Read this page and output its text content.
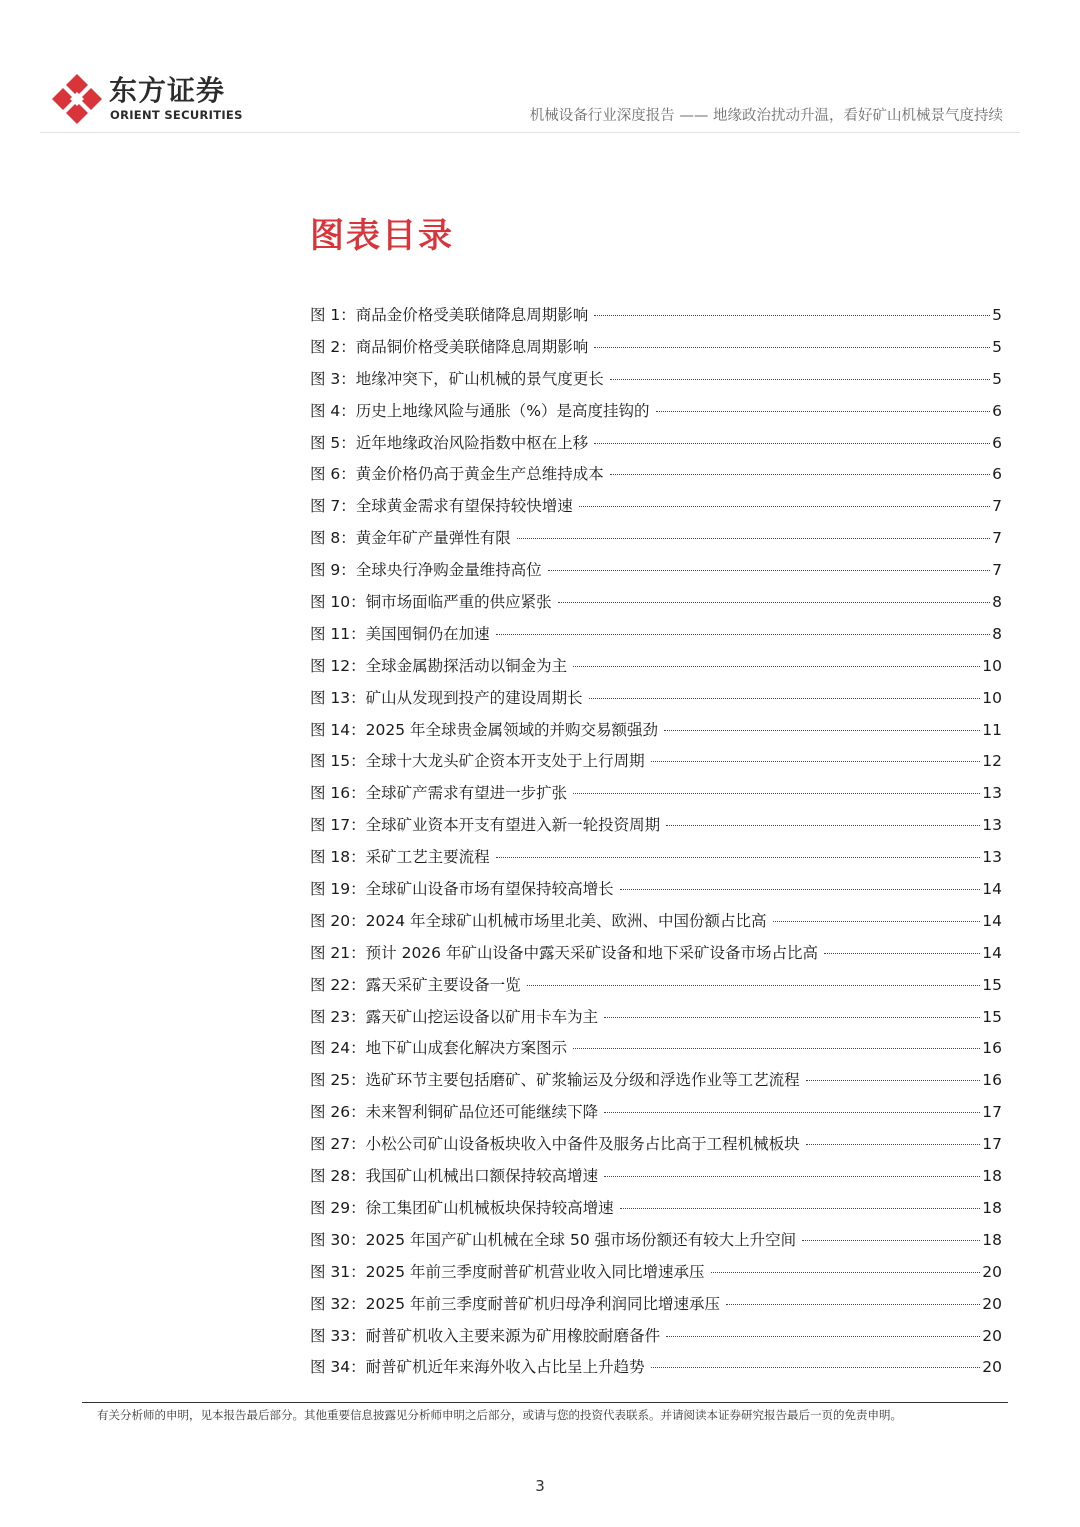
东方证券
ORIENT SECURITIES	机械设备行业深度报告 —— 地缘政治扰动升温，看好矿山机械景气度持续
图表目录
图 1：商品金价格受美联储降息周期影响	5
图 2：商品铜价格受美联储降息周期影响	5
图 3：地缘冲突下，矿山机械的景气度更长	5
图 4：历史上地缘风险与通胀（%）是高度挂钩的	6
图 5：近年地缘政治风险指数中枢在上移	6
图 6：黄金价格仍高于黄金生产总维持成本	6
图 7：全球黄金需求有望保持较快增速	7
图 8：黄金年矿产量弹性有限	7
图 9：全球央行净购金量维持高位	7
图 10：铜市场面临严重的供应紧张	8
图 11：美国囤铜仍在加速	8
图 12：全球金属勘探活动以铜金为主	10
图 13：矿山从发现到投产的建设周期长	10
图 14：2025 年全球贵金属领域的并购交易额强劲	11
图 15：全球十大龙头矿企资本开支处于上行周期	12
图 16：全球矿产需求有望进一步扩张	13
图 17：全球矿业资本开支有望进入新一轮投资周期	13
图 18：采矿工艺主要流程	13
图 19：全球矿山设备市场有望保持较高增长	14
图 20：2024 年全球矿山机械市场里北美、欧洲、中国份额占比高	14
图 21：预计 2026 年矿山设备中露天采矿设备和地下采矿设备市场占比高	14
图 22：露天采矿主要设备一览	15
图 23：露天矿山挖运设备以矿用卡车为主	15
图 24：地下矿山成套化解决方案图示	16
图 25：选矿环节主要包括磨矿、矿浆输运及分级和浮选作业等工艺流程	16
图 26：未来智利铜矿品位还可能继续下降	17
图 27：小松公司矿山设备板块收入中备件及服务占比高于工程机械板块	17
图 28：我国矿山机械出口额保持较高增速	18
图 29：徐工集团矿山机械板块保持较高增速	18
图 30：2025 年国产矿山机械在全球 50 强市场份额还有较大上升空间	18
图 31：2025 年前三季度耐普矿机营业收入同比增速承压	20
图 32：2025 年前三季度耐普矿机归母净利润同比增速承压	20
图 33：耐普矿机收入主要来源为矿用橡胶耐磨备件	20
图 34：耐普矿机近年来海外收入占比呈上升趋势	20
有关分析师的申明，见本报告最后部分。其他重要信息披露见分析师申明之后部分，或请与您的投资代表联系。并请阅读本证券研究报告最后一页的免责申明。
3
